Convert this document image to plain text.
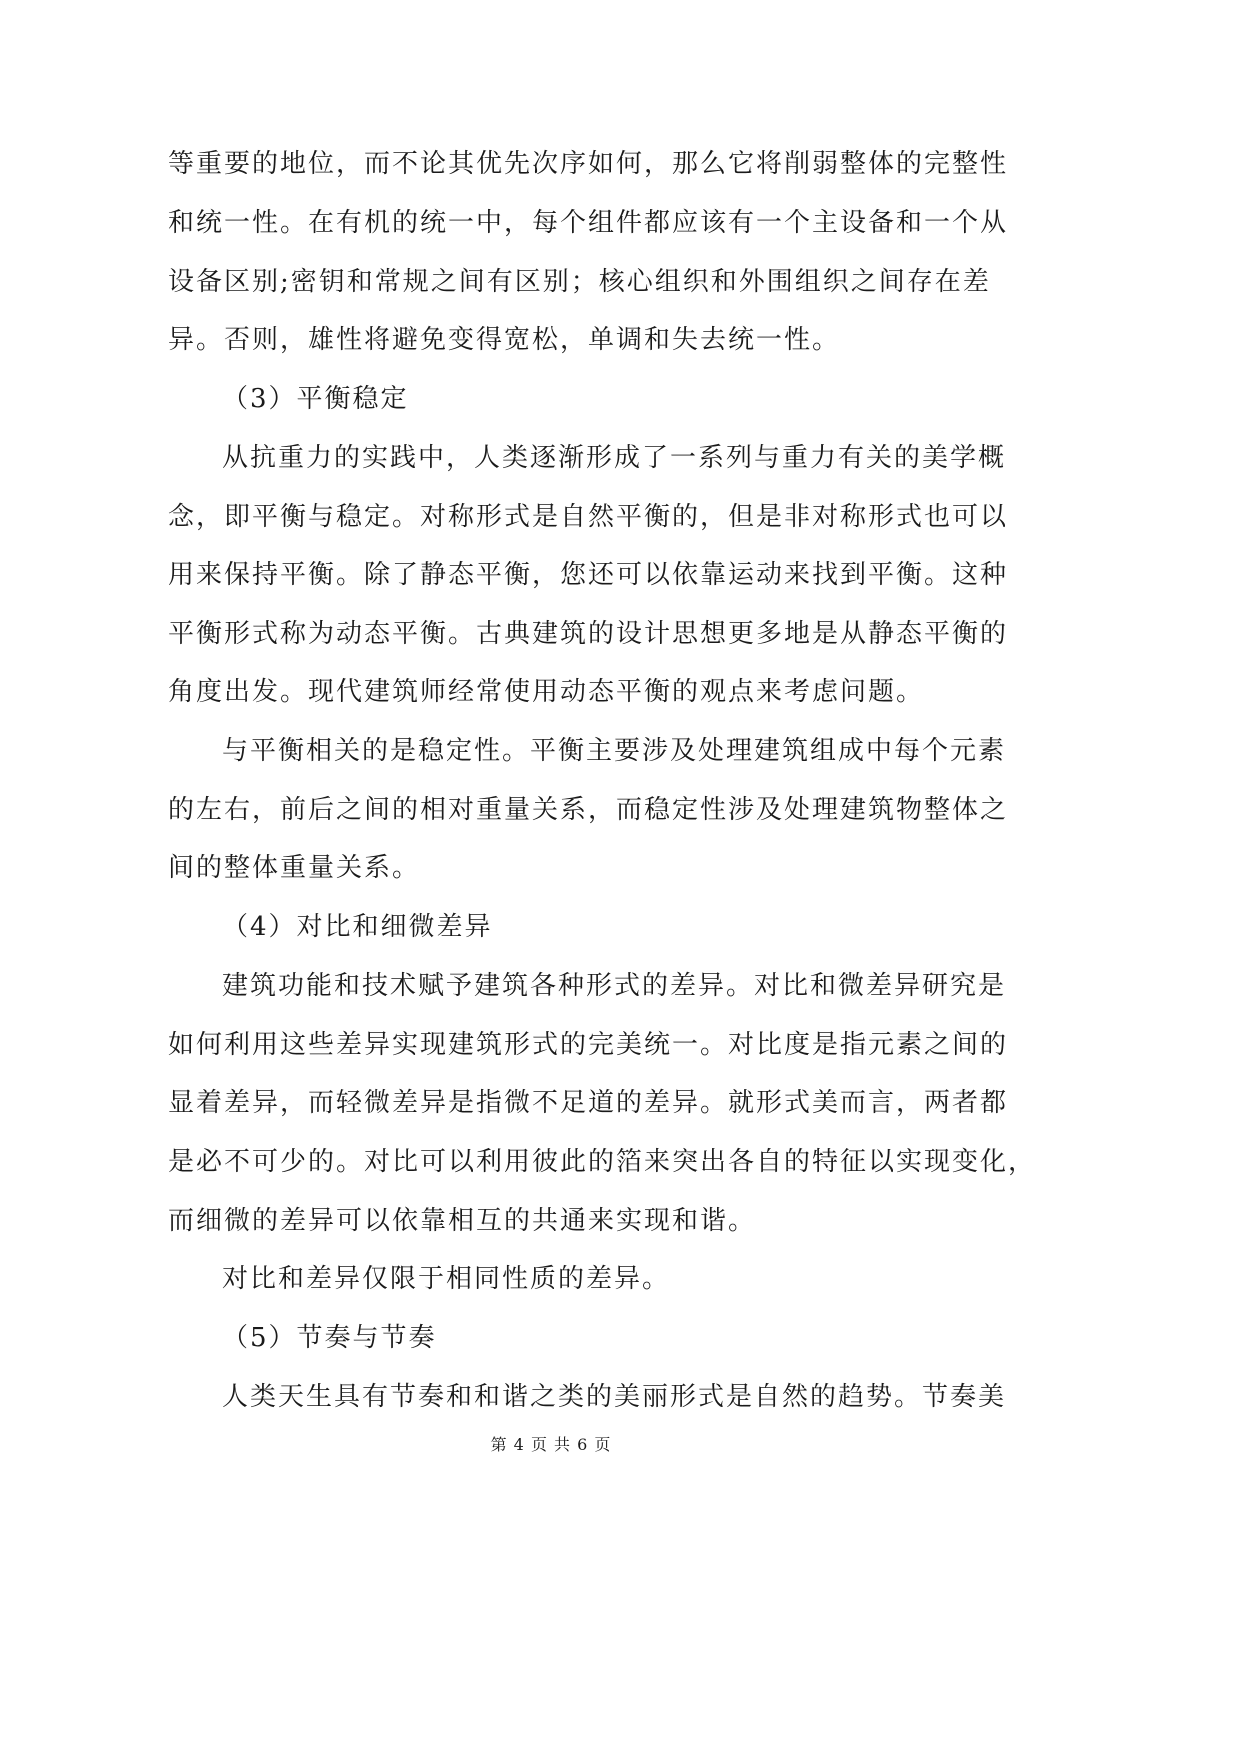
等重要的地位，而不论其优先次序如何，那么它将削弱整体的完整性
和统一性。在有机的统一中，每个组件都应该有一个主设备和一个从
设备区别;密钥和常规之间有区别；核心组织和外围组织之间存在差
异。否则，雄性将避免变得宽松，单调和失去统一性。
（3）平衡稳定
从抗重力的实践中，人类逐渐形成了一系列与重力有关的美学概
念，即平衡与稳定。对称形式是自然平衡的，但是非对称形式也可以
用来保持平衡。除了静态平衡，您还可以依靠运动来找到平衡。这种
平衡形式称为动态平衡。古典建筑的设计思想更多地是从静态平衡的
角度出发。现代建筑师经常使用动态平衡的观点来考虑问题。
与平衡相关的是稳定性。平衡主要涉及处理建筑组成中每个元素
的左右，前后之间的相对重量关系，而稳定性涉及处理建筑物整体之
间的整体重量关系。
（4）对比和细微差异
建筑功能和技术赋予建筑各种形式的差异。对比和微差异研究是
如何利用这些差异实现建筑形式的完美统一。对比度是指元素之间的
显着差异，而轻微差异是指微不足道的差异。就形式美而言，两者都
是必不可少的。对比可以利用彼此的箔来突出各自的特征以实现变化，
而细微的差异可以依靠相互的共通来实现和谐。
对比和差异仅限于相同性质的差异。
（5）节奏与节奏
人类天生具有节奏和和谐之类的美丽形式是自然的趋势。节奏美
第 4 页 共 6 页
